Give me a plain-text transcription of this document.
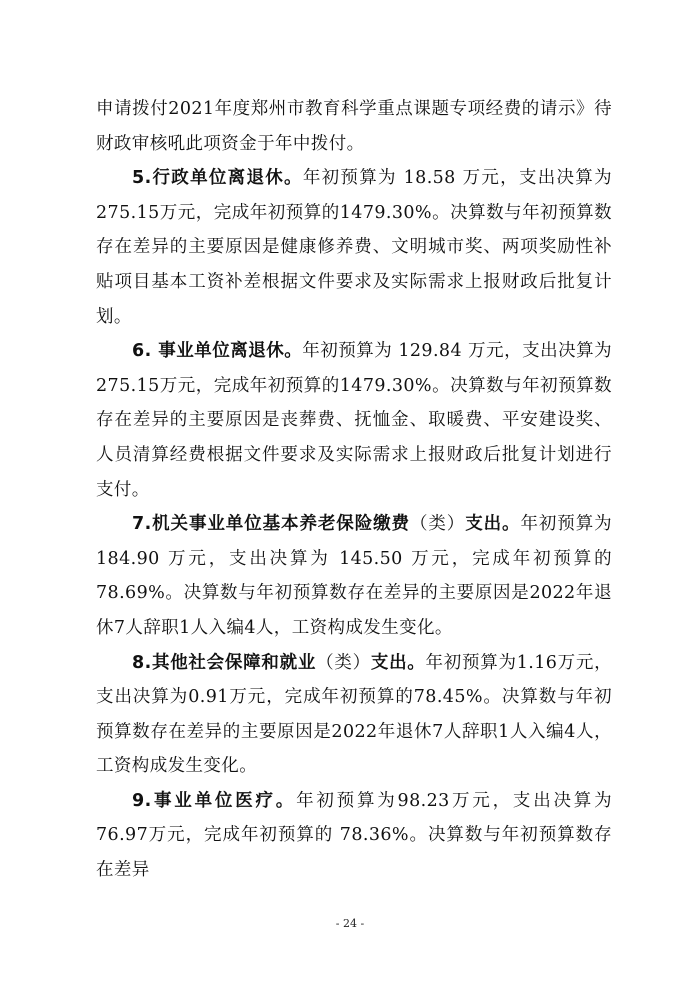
申请拨付2021年度郑州市教育科学重点课题专项经费的请示》待财政审核吼此项资金于年中拨付。

5.行政单位离退休。年初预算为 18.58 万元，支出决算为 275.15万元，完成年初预算的1479.30%。决算数与年初预算数存在差异的主要原因是健康修养费、文明城市奖、两项奖励性补贴项目基本工资补差根据文件要求及实际需求上报财政后批复计划。

6. 事业单位离退休。年初预算为 129.84 万元，支出决算为275.15万元，完成年初预算的1479.30%。决算数与年初预算数存在差异的主要原因是丧葬费、抚恤金、取暖费、平安建设奖、人员清算经费根据文件要求及实际需求上报财政后批复计划进行支付。

7.机关事业单位基本养老保险缴费（类）支出。年初预算为 184.90 万元，支出决算为 145.50 万元，完成年初预算的78.69%。决算数与年初预算数存在差异的主要原因是2022年退休7人辞职1人入编4人，工资构成发生变化。

8.其他社会保障和就业（类）支出。年初预算为1.16万元，支出决算为0.91万元，完成年初预算的78.45%。决算数与年初预算数存在差异的主要原因是2022年退休7人辞职1人入编4人，工资构成发生变化。

9.事业单位医疗。年初预算为98.23万元，支出决算为76.97万元，完成年初预算的 78.36%。决算数与年初预算数存在差异

- 24 -
